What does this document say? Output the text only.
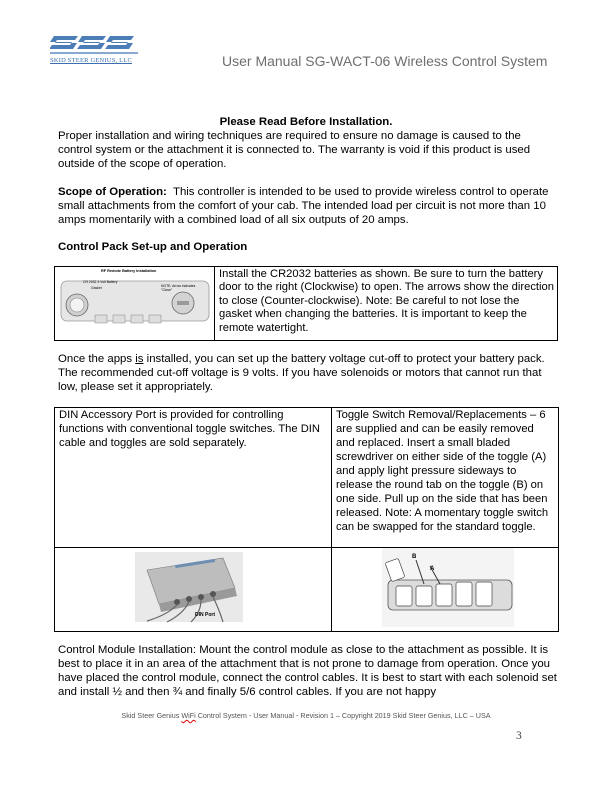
SKID STEER GENIUS, LLC	User Manual SG-WACT-06 Wireless Control System
Please Read Before Installation.
Proper installation and wiring techniques are required to ensure no damage is caused to the control system or the attachment it is connected to. The warranty is void if this product is used outside of the scope of operation.
Scope of Operation: This controller is intended to be used to provide wireless control to operate small attachments from the comfort of your cab. The intended load per circuit is not more than 10 amps momentarily with a combined load of all six outputs of 20 amps.
Control Pack Set-up and Operation
RF Remote Battery Installation
CR 2032 3 Volt Battery
Gasket	NOTE: Arrow indicates "Close"
	Install the CR2032 batteries as shown. Be sure to turn the battery door to the right (Clockwise) to open. The arrows show the direction to close (Counter-clockwise). Note: Be careful to not lose the gasket when changing the batteries. It is important to keep the remote watertight.
Once the apps is installed, you can set up the battery voltage cut-off to protect your battery pack. The recommended cut-off voltage is 9 volts. If you have solenoids or motors that cannot run that low, please set it appropriately.
DIN Accessory Port is provided for controlling functions with conventional toggle switches. The DIN cable and toggles are sold separately.	Toggle Switch Removal/Replacements – 6 are supplied and can be easily removed and replaced. Insert a small bladed screwdriver on either side of the toggle (A) and apply light pressure sideways to release the round tab on the toggle (B) on one side. Pull up on the side that has been released. Note: A momentary toggle switch can be swapped for the standard toggle.

DIN Port	A
B
Control Module Installation: Mount the control module as close to the attachment as possible. It is best to place it in an area of the attachment that is not prone to damage from operation. Once you have placed the control module, connect the control cables. It is best to start with each solenoid set and install ½ and then ¾ and finally 5/6 control cables. If you are not happy
Skid Steer Genius WiFi Control System - User Manual - Revision 1 – Copyright 2019 Skid Steer Genius, LLC – USA
3
